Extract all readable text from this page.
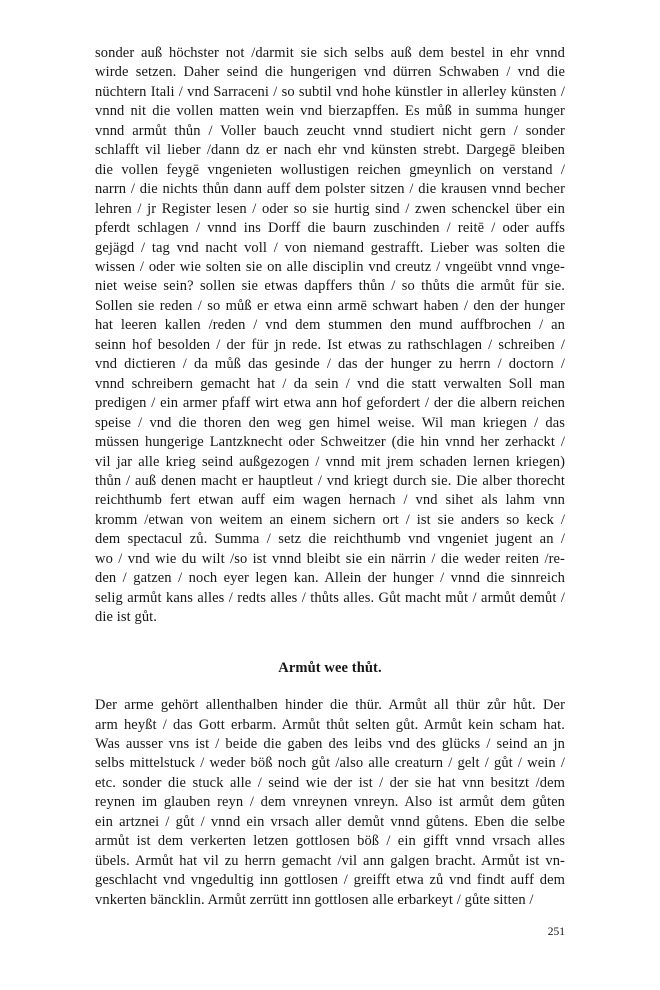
sonder auß höchster not /darmit sie sich selbs auß dem bestel in ehr vnnd
wirde setzen. Daher seind die hungerigen vnd dürren Schwaben / vnd die
nüchtern Itali / vnd Sarraceni / so subtil vnd hohe künstler in allerley künsten /
vnnd nit die vollen matten wein vnd bierzapffen. Es můß in summa hunger
vnnd armůt thůn / Voller bauch zeucht vnnd studiert nicht gern / sonder
schlafft vil lieber /dann dz er nach ehr vnd künsten strebt. Dargegē bleiben
die vollen feygē vngenieten wollustigen reichen gmeynlich on verstand /
narrn / die nichts thůn dann auff dem polster sitzen / die krausen vnnd becher
lehren / jr Register lesen / oder so sie hurtig sind / zwen schenckel über ein
pferdt schlagen / vnnd ins Dorff die baurn zuschinden / reitē / oder auffs
gejägd / tag vnd nacht voll / von niemand gestrafft. Lieber was solten die
wissen / oder wie solten sie on alle disciplin vnd creutz / vngeübt vnnd vnge-
niet weise sein? sollen sie etwas dapffers thůn / so thůts die armůt für sie.
Sollen sie reden / so můß er etwa einn armē schwart haben / den der hunger
hat leeren kallen /reden / vnd dem stummen den mund auffbrochen / an
seinn hof besolden / der für jn rede. Ist etwas zu rathschlagen / schreiben /
vnd dictieren / da můß das gesinde / das der hunger zu herrn / doctorn /
vnnd schreibern gemacht hat / da sein / vnd die statt verwalten Soll man
predigen / ein armer pfaff wirt etwa ann hof gefordert / der die albern reichen
speise / vnd die thoren den weg gen himel weise. Wil man kriegen / das
müssen hungerige Lantzknecht oder Schweitzer (die hin vnnd her zerhackt /
vil jar alle krieg seind außgezogen / vnnd mit jrem schaden lernen kriegen)
thůn / auß denen macht er hauptleut / vnd kriegt durch sie. Die alber thorecht
reichthumb fert etwan auff eim wagen hernach / vnd sihet als lahm vnn
kromm /etwan von weitem an einem sichern ort / ist sie anders so keck /
dem spectacul zů. Summa / setz die reichthumb vnd vngeniet jugent an /
wo / vnd wie du wilt /so ist vnnd bleibt sie ein närrin / die weder reiten /re-
den / gatzen / noch eyer legen kan. Allein der hunger / vnnd die sinnreich
selig armůt kans alles / redts alles / thůts alles. Gůt macht můt / armůt demůt /
die ist gůt.
Armůt wee thůt.
Der arme gehört allenthalben hinder die thür. Armůt all thür zůr hůt. Der
arm heyßt / das Gott erbarm. Armůt thůt selten gůt. Armůt kein scham hat.
Was ausser vns ist / beide die gaben des leibs vnd des glücks / seind an jn
selbs mittelstuck / weder böß noch gůt /also alle creaturn / gelt / gůt / wein /
etc. sonder die stuck alle / seind wie der ist / der sie hat vnn besitzt /dem
reynen im glauben reyn / dem vnreynen vnreyn. Also ist armůt dem gůten
ein artznei / gůt / vnnd ein vrsach aller demůt vnnd gůtens. Eben die selbe
armůt ist dem verkerten letzen gottlosen böß / ein gifft vnnd vrsach alles
übels. Armůt hat vil zu herrn gemacht /vil ann galgen bracht. Armůt ist vn-
geschlacht vnd vngedultig inn gottlosen / greifft etwa zů vnd findt auff dem
vnkerten bäncklin. Armůt zerrütt inn gottlosen alle erbarkeyt / gůte sitten /
251
